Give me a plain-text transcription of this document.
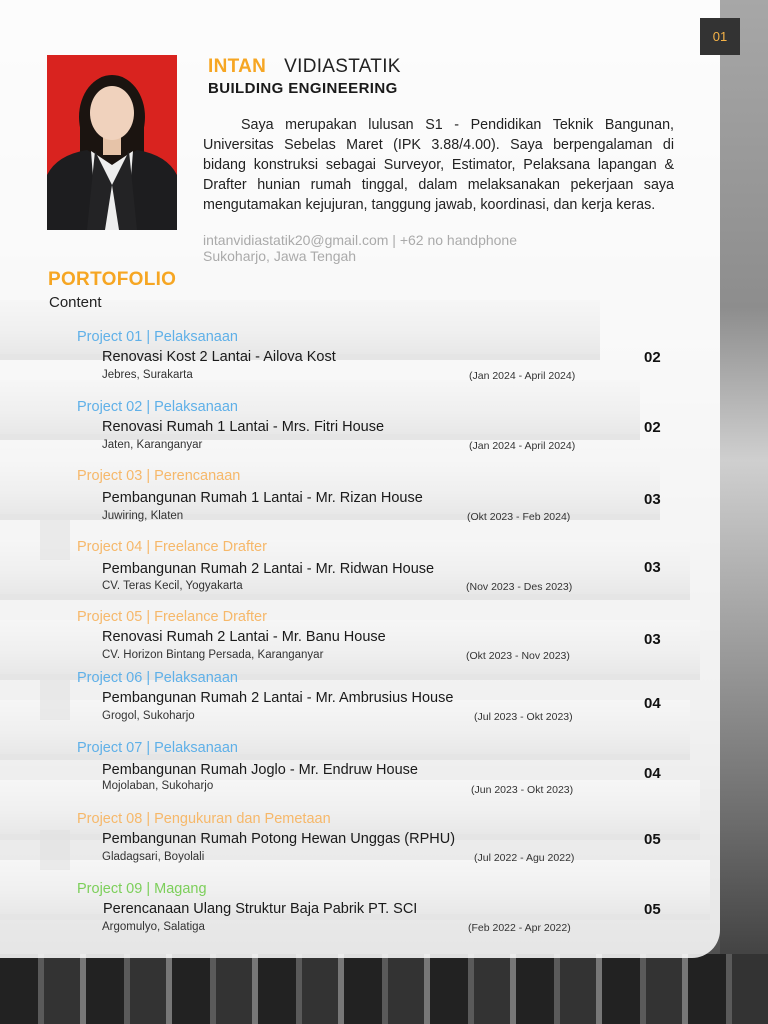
01
INTAN VIDIASTATIK
BUILDING ENGINEERING
Saya merupakan lulusan S1 - Pendidikan Teknik Bangunan, Universitas Sebelas Maret (IPK 3.88/4.00). Saya berpengalaman di bidang konstruksi sebagai Surveyor, Estimator, Pelaksana lapangan & Drafter hunian rumah tinggal, dalam melaksanakan pekerjaan saya mengutamakan kejujuran, tanggung jawab, koordinasi, dan kerja keras.
intanvidiastatik20@gmail.com | +62 no handphone
Sukoharjo, Jawa Tengah
PORTOFOLIO
Content
Project 01 | Pelaksanaan
Renovasi Kost 2 Lantai - Ailova Kost
Jebres, Surakarta	(Jan 2024 - April 2024)
02
Project 02 | Pelaksanaan
Renovasi Rumah 1 Lantai - Mrs. Fitri House
Jaten, Karanganyar	(Jan 2024 - April 2024)
02
Project 03 | Perencanaan
Pembangunan Rumah 1 Lantai - Mr. Rizan House
Juwiring, Klaten	(Okt 2023 - Feb 2024)
03
Project 04 | Freelance Drafter
Pembangunan Rumah 2 Lantai - Mr. Ridwan House
CV. Teras Kecil, Yogyakarta	(Nov 2023 - Des 2023)
03
Project 05 | Freelance Drafter
Renovasi Rumah 2 Lantai - Mr. Banu House
CV. Horizon Bintang Persada, Karanganyar	(Okt 2023 - Nov 2023)
03
Project 06 | Pelaksanaan
Pembangunan Rumah 2 Lantai - Mr. Ambrusius House
Grogol, Sukoharjo	(Jul 2023 - Okt 2023)
04
Project 07 | Pelaksanaan
Pembangunan Rumah Joglo - Mr. Endruw House
Mojolaban, Sukoharjo	(Jun 2023 - Okt 2023)
04
Project 08 | Pengukuran dan Pemetaan
Pembangunan Rumah Potong Hewan Unggas (RPHU)
Gladagsari, Boyolali	(Jul 2022 - Agu 2022)
05
Project 09 | Magang
Perencanaan Ulang Struktur Baja Pabrik PT. SCI
Argomulyo, Salatiga	(Feb 2022 - Apr 2022)
05
